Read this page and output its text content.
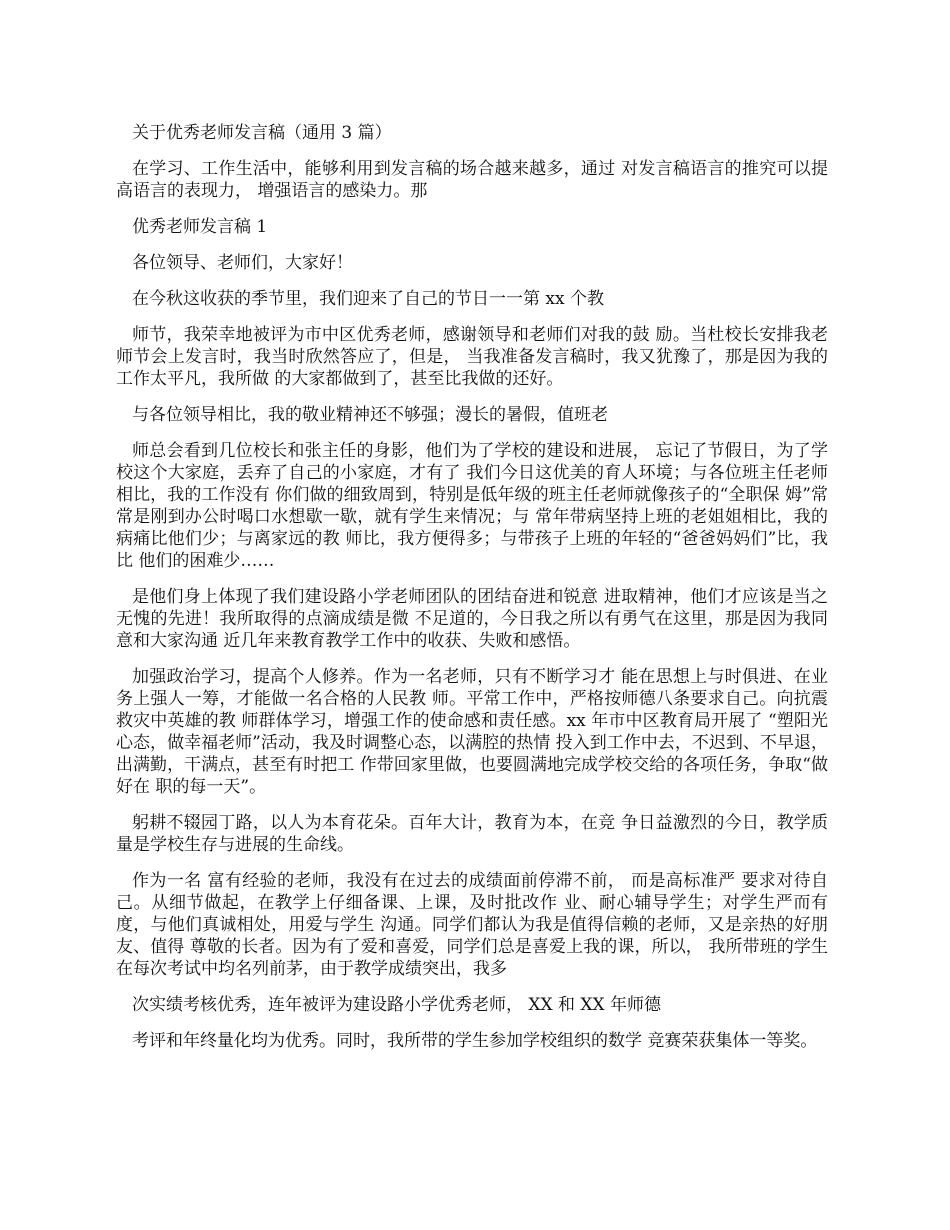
关于优秀老师发言稿（通用 3 篇）

在学习、工作生活中，能够利用到发言稿的场合越来越多，通过 对发言稿语言的推究可以提高语言的表现力， 增强语言的感染力。那

优秀老师发言稿 1

各位领导、老师们，大家好！

在今秋这收获的季节里，我们迎来了自己的节日一一第 xx 个教

师节，我荣幸地被评为市中区优秀老师，感谢领导和老师们对我的鼓 励。当杜校长安排我老师节会上发言时，我当时欣然答应了，但是， 当我准备发言稿时，我又犹豫了，那是因为我的工作太平凡，我所做 的大家都做到了，甚至比我做的还好。

与各位领导相比，我的敬业精神还不够强；漫长的暑假，值班老

师总会看到几位校长和张主任的身影，他们为了学校的建设和进展， 忘记了节假日，为了学校这个大家庭，丢弃了自己的小家庭，才有了 我们今日这优美的育人环境；与各位班主任老师相比，我的工作没有 你们做的细致周到，特别是低年级的班主任老师就像孩子的“全职保 姆”常常是刚到办公时喝口水想歇一歇，就有学生来情况；与 常年带病坚持上班的老姐姐相比，我的病痛比他们少；与离家远的教 师比，我方便得多；与带孩子上班的年轻的“爸爸妈妈们”比，我比 他们的困难少……

是他们身上体现了我们建设路小学老师团队的团结奋进和锐意 进取精神，他们才应该是当之无愧的先进！我所取得的点滴成绩是微 不足道的，今日我之所以有勇气在这里，那是因为我同意和大家沟通 近几年来教育教学工作中的收获、失败和感悟。

加强政治学习，提高个人修养。作为一名老师，只有不断学习才 能在思想上与时俱进、在业务上强人一筹，才能做一名合格的人民教 师。平常工作中，严格按师德八条要求自己。向抗震救灾中英雄的教 师群体学习，增强工作的使命感和责任感。xx 年市中区教育局开展了 “塑阳光心态，做幸福老师”活动，我及时调整心态，以满腔的热情 投入到工作中去，不迟到、不早退，出满勤，干满点，甚至有时把工 作带回家里做，也要圆满地完成学校交给的各项任务，争取“做好在 职的每一天”。

躬耕不辍园丁路，以人为本育花朵。百年大计，教育为本，在竞 争日益激烈的今日，教学质量是学校生存与进展的生命线。

作为一名 富有经验的老师，我没有在过去的成绩面前停滞不前， 而是高标准严 要求对待自己。从细节做起，在教学上仔细备课、上课，及时批改作 业、耐心辅导学生；对学生严而有度，与他们真诚相处，用爱与学生 沟通。同学们都认为我是值得信赖的老师，又是亲热的好朋友、值得 尊敬的长者。因为有了爱和喜爱，同学们总是喜爱上我的课，所以， 我所带班的学生在每次考试中均名列前茅，由于教学成绩突出，我多

次实绩考核优秀，连年被评为建设路小学优秀老师， XX 和 XX 年师德

考评和年终量化均为优秀。同时，我所带的学生参加学校组织的数学 竞赛荣获集体一等奖。
